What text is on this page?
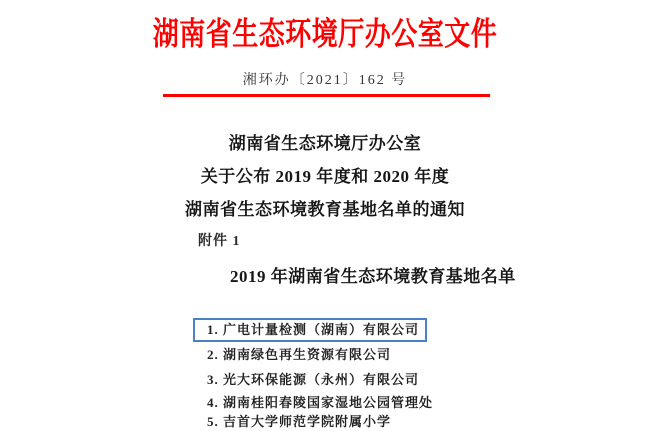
湖南省生态环境厅办公室文件
湘环办〔2021〕162 号
湖南省生态环境厅办公室
关于公布 2019 年度和 2020 年度
湖南省生态环境教育基地名单的通知
附件 1
2019 年湖南省生态环境教育基地名单
1. 广电计量检测（湖南）有限公司
2. 湖南绿色再生资源有限公司
3. 光大环保能源（永州）有限公司
4. 湖南桂阳春陵国家湿地公园管理处
5. 吉首大学师范学院附属小学
